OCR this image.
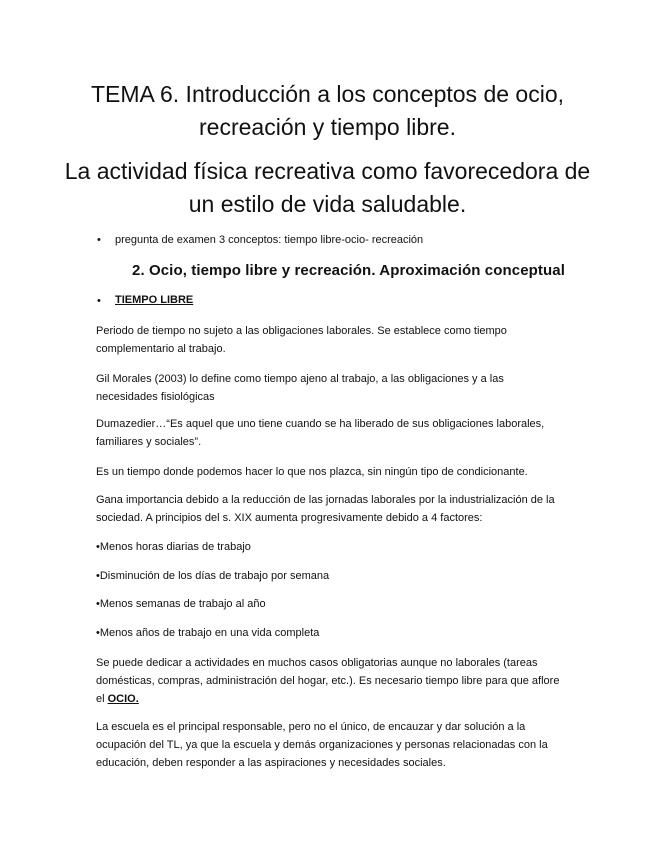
TEMA 6. Introducción a los conceptos de ocio, recreación y tiempo libre.
La actividad física recreativa como favorecedora de un estilo de vida saludable.
• pregunta de examen 3 conceptos: tiempo libre-ocio- recreación
2. Ocio, tiempo libre y recreación. Aproximación conceptual
• TIEMPO LIBRE

Periodo de tiempo no sujeto a las obligaciones laborales. Se establece como tiempo complementario al trabajo.

Gil Morales (2003) lo define como tiempo ajeno al trabajo, a las obligaciones y a las necesidades fisiológicas

Dumazedier…“Es aquel que uno tiene cuando se ha liberado de sus obligaciones laborales, familiares y sociales”.

Es un tiempo donde podemos hacer lo que nos plazca, sin ningún tipo de condicionante.

Gana importancia debido a la reducción de las jornadas laborales por la industrialización de la sociedad. A principios del s. XIX aumenta progresivamente debido a 4 factores:

•Menos horas diarias de trabajo
•Disminución de los días de trabajo por semana
•Menos semanas de trabajo al año
•Menos años de trabajo en una vida completa

Se puede dedicar a actividades en muchos casos obligatorias aunque no laborales (tareas domésticas, compras, administración del hogar, etc.). Es necesario tiempo libre para que aflore el OCIO.

La escuela es el principal responsable, pero no el único, de encauzar y dar solución a la ocupación del TL, ya que la escuela y demás organizaciones y personas relacionadas con la educación, deben responder a las aspiraciones y necesidades sociales.
